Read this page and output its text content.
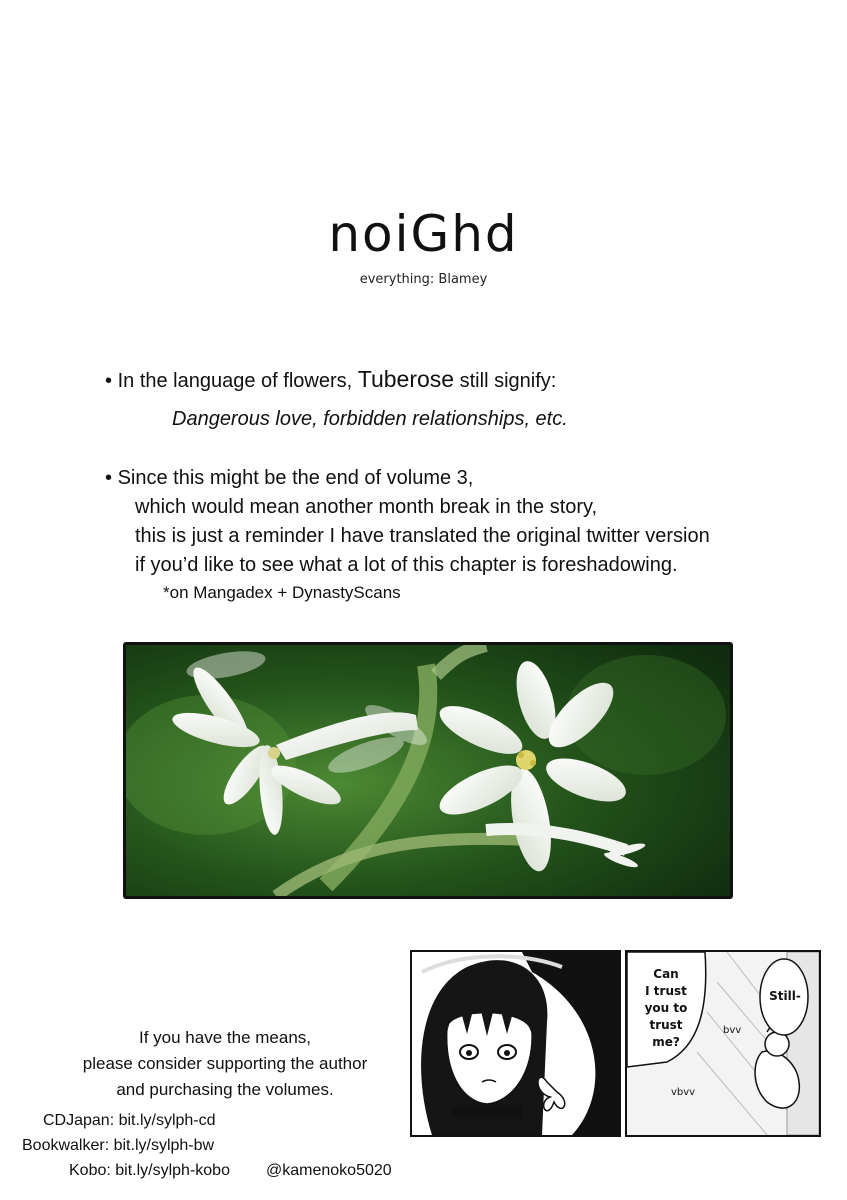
noiGhd
everything: Blamey
• In the language of flowers, Tuberose still signify:
Dangerous love, forbidden relationships, etc.
• Since this might be the end of volume 3,
which would mean another month break in the story,
this is just a reminder I have translated the original twitter version
if you’d like to see what a lot of this chapter is foreshadowing.
*on Mangadex + DynastyScans
If you have the means,
please consider supporting the author
and purchasing the volumes.
CDJapan: bit.ly/sylph-cd
Bookwalker: bit.ly/sylph-bw
Kobo: bit.ly/sylph-kobo @kamenoko5020
Can
I trust
you to
trust
me?
Still-
bvv
vbvv
